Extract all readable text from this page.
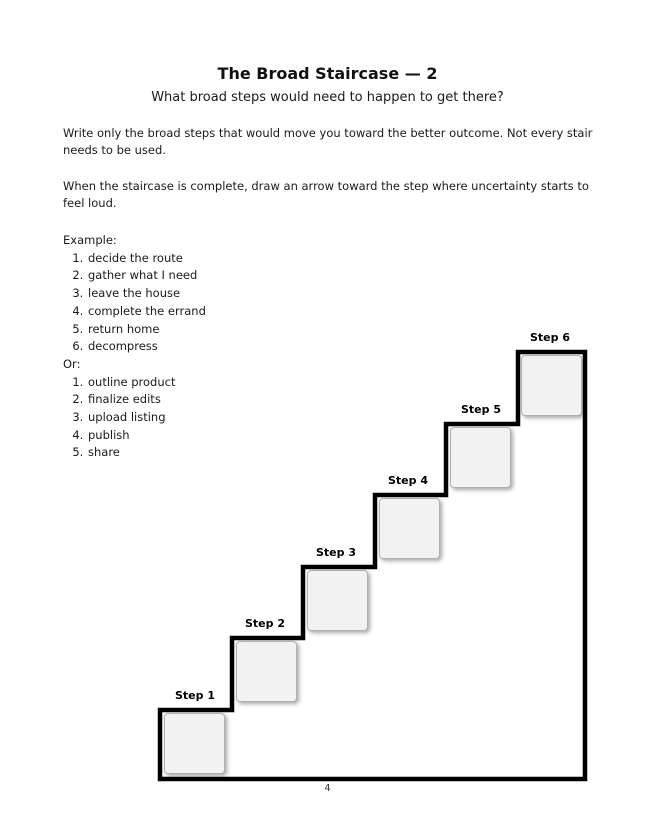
The Broad Staircase — 2

What broad steps would need to happen to get there?

Write only the broad steps that would move you toward the better outcome. Not every stair needs to be used.

When the staircase is complete, draw an arrow toward the step where uncertainty starts to feel loud.

Example:
1. decide the route
2. gather what I need
3. leave the house
4. complete the errand
5. return home
6. decompress
Or:
1. outline product
2. finalize edits
3. upload listing
4. publish
5. share
Step 1
Step 2
Step 3
Step 4
Step 5
Step 6
4
